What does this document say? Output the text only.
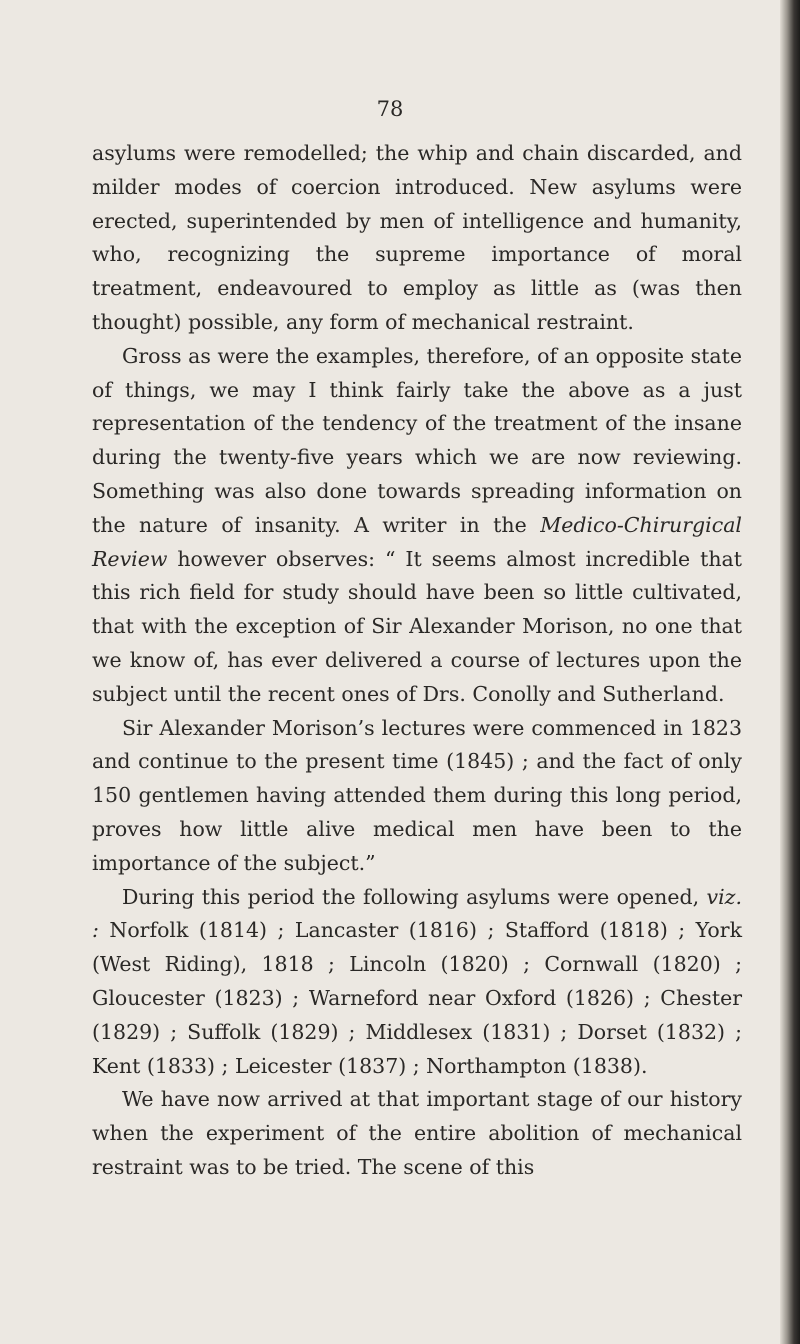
78

asylums were remodelled; the whip and chain discarded, and milder modes of coercion introduced. New asylums were erected, superintended by men of intelligence and humanity, who, recognizing the supreme importance of moral treatment, endeavoured to employ as little as (was then thought) possible, any form of mechanical restraint.

Gross as were the examples, therefore, of an opposite state of things, we may I think fairly take the above as a just representation of the tendency of the treatment of the insane during the twenty-five years which we are now reviewing. Something was also done towards spreading information on the nature of insanity. A writer in the Medico-Chirurgical Review however observes: “ It seems almost incredible that this rich field for study should have been so little cultivated, that with the exception of Sir Alexander Morison, no one that we know of, has ever delivered a course of lectures upon the subject until the recent ones of Drs. Conolly and Sutherland.

Sir Alexander Morison’s lectures were commenced in 1823 and continue to the present time (1845) ; and the fact of only 150 gentlemen having attended them during this long period, proves how little alive medical men have been to the importance of the subject.”

During this period the following asylums were opened, viz. : Norfolk (1814) ; Lancaster (1816) ; Stafford (1818) ; York (West Riding), 1818 ; Lincoln (1820) ; Cornwall (1820) ; Gloucester (1823) ; Warneford near Oxford (1826) ; Chester (1829) ; Suffolk (1829) ; Middlesex (1831) ; Dorset (1832) ; Kent (1833) ; Leicester (1837) ; Northampton (1838).

We have now arrived at that important stage of our history when the experiment of the entire abolition of mechanical restraint was to be tried. The scene of this
